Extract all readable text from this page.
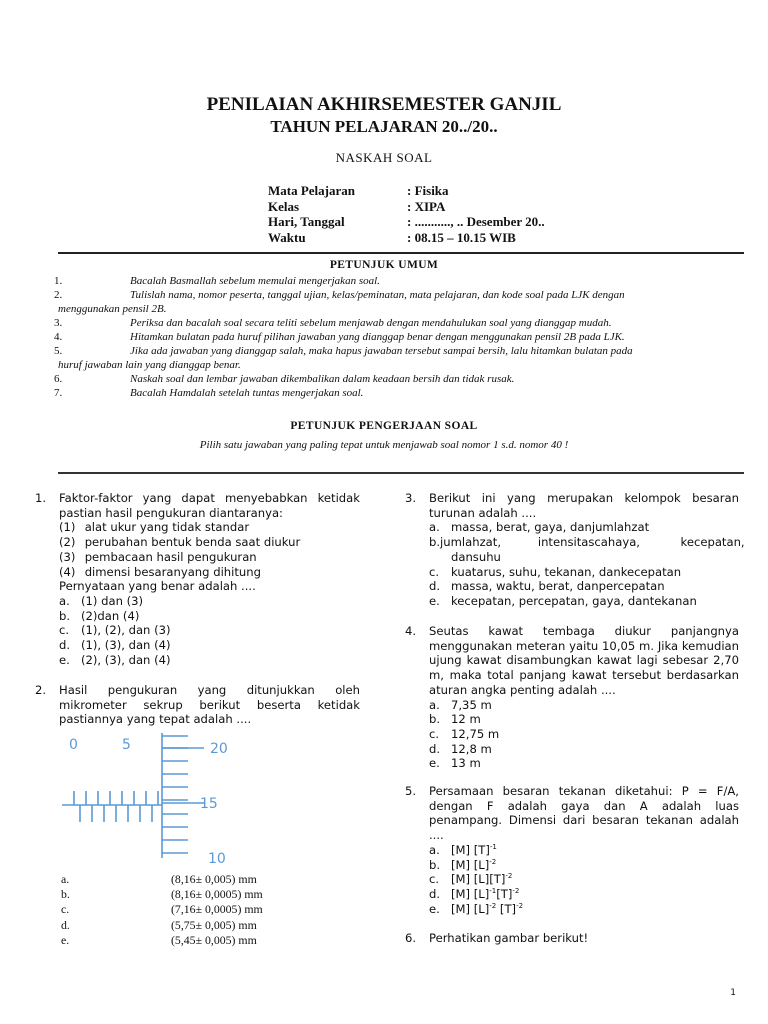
PENILAIAN AKHIRSEMESTER GANJIL
TAHUN PELAJARAN 20../20..
NASKAH SOAL
Mata Pelajaran	: Fisika
Kelas	: XIPA
Hari, Tanggal	: ..........., .. Desember 20..
Waktu	: 08.15 – 10.15 WIB
PETUNJUK UMUM
1.	Bacalah Basmallah sebelum memulai mengerjakan soal.
2.	Tulislah nama, nomor peserta, tanggal ujian, kelas/peminatan, mata pelajaran, dan kode soal pada LJK dengan
menggunakan pensil 2B.
3.	Periksa dan bacalah soal secara teliti sebelum menjawab dengan mendahulukan soal yang dianggap mudah.
4.	Hitamkan bulatan pada huruf pilihan jawaban yang dianggap benar dengan menggunakan pensil 2B pada LJK.
5.	Jika ada jawaban yang dianggap salah, maka hapus jawaban tersebut sampai bersih, lalu hitamkan bulatan pada
huruf jawaban lain yang dianggap benar.
6.	Naskah soal dan lembar jawaban dikembalikan dalam keadaan bersih dan tidak rusak.
7.	Bacalah Hamdalah setelah tuntas mengerjakan soal.
PETUNJUK PENGERJAAN SOAL
Pilih satu jawaban yang paling tepat untuk menjawab soal nomor 1 s.d. nomor 40 !
1. Faktor-faktor yang dapat menyebabkan ketidak pastian hasil pengukuran diantaranya:
(1)
alat ukur yang tidak standar
(2)
perubahan bentuk benda saat diukur
(3)
pembacaan hasil pengukuran
(4)
dimensi besaranyang dihitung
Pernyataan yang benar adalah ....
a. (1) dan (3)
b. (2)dan (4)
c.	(1), (2), dan (3)
d. (1), (3), dan (4)
e. (2), (3), dan (4)
2. Hasil pengukuran yang ditunjukkan oleh mikrometer sekrup berikut beserta ketidak pastiannya yang tepat adalah ....
0	5	20
15
10
a.	(8,16± 0,005) mm
b.	(8,16± 0,0005) mm
c.	(7,16± 0,0005) mm
d.	(5,75± 0,005) mm
e.	(5,45± 0,005) mm
3. Berikut ini yang merupakan kelompok besaran turunan adalah ....
a. massa, berat, gaya, danjumlahzat
b. jumlahzat,          intensitascahaya,           kecepatan,
dansuhu
c.	kuatarus, suhu, tekanan, dankecepatan
d. massa, waktu, berat, danpercepatan
e. kecepatan, percepatan, gaya, dantekanan
4. Seutas kawat tembaga diukur panjangnya menggunakan meteran yaitu 10,05 m. Jika kemudian ujung kawat disambungkan kawat lagi sebesar 2,70 m, maka total panjang kawat tersebut berdasarkan aturan angka penting adalah ....
a. 7,35 m
b. 12 m
c.	12,75 m
d. 12,8 m
e. 13 m
5. Persamaan besaran tekanan diketahui: P = F/A, dengan F adalah gaya dan A adalah luas penampang. Dimensi dari besaran tekanan adalah ....
a. [M] $[T]^{-1}$
b. [M] $[L]^{-2}$
c.	[M] $[L][T]^{-2}$
d. [M] $[L]^{-1}[T]^{-2}$
e. [M] $[L]^{-2}$ $[T]^{-2}$
6. Perhatikan gambar berikut!
1
